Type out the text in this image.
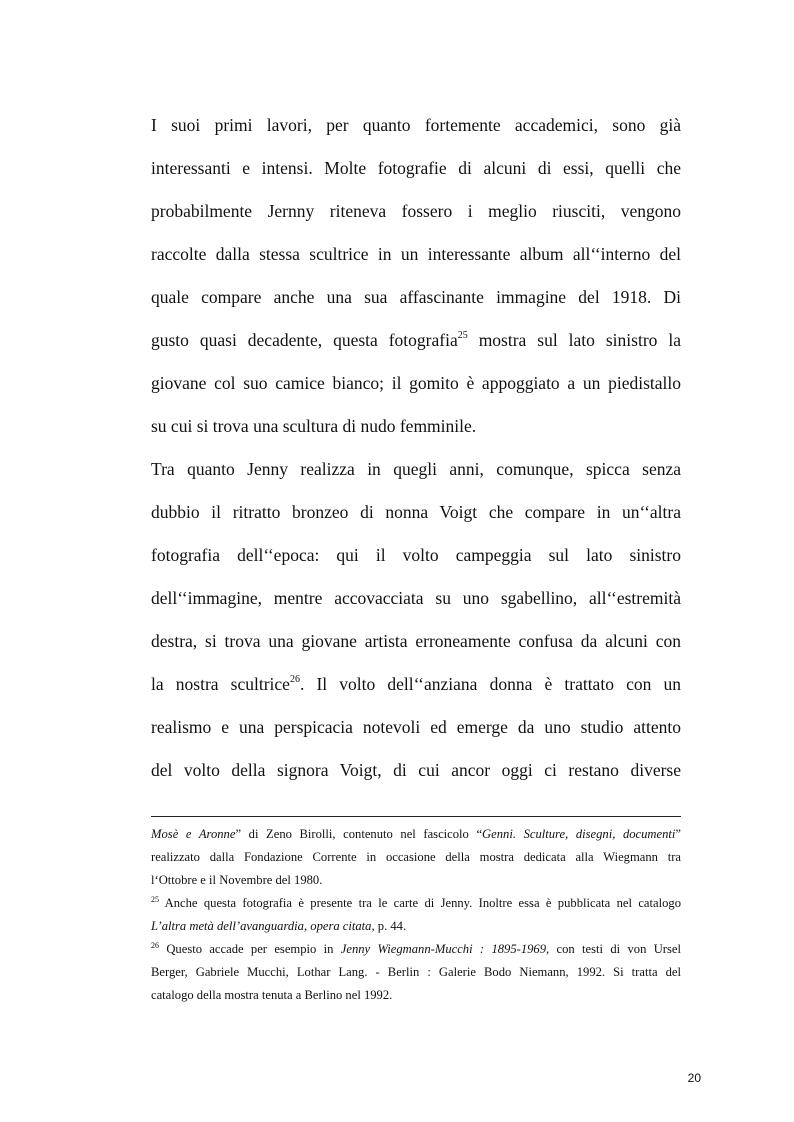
I suoi primi lavori, per quanto fortemente accademici, sono già
interessanti e intensi. Molte fotografie di alcuni di essi, quelli che
probabilmente Jernny riteneva fossero i meglio riusciti, vengono
raccolte dalla stessa scultrice in un interessante album all‘‘interno del
quale compare anche una sua affascinante immagine del 1918. Di
gusto quasi decadente, questa fotografia$^{25}$ mostra sul lato sinistro la
giovane col suo camice bianco; il gomito è appoggiato a un piedistallo
su cui si trova una scultura di nudo femminile.
Tra quanto Jenny realizza in quegli anni, comunque, spicca senza
dubbio il ritratto bronzeo di nonna Voigt che compare in un‘‘altra
fotografia dell‘‘epoca: qui il volto campeggia sul lato sinistro
dell‘‘immagine, mentre accovacciata su uno sgabellino, all‘‘estremità
destra, si trova una giovane artista erroneamente confusa da alcuni con
la nostra scultrice$^{26}$. Il volto dell‘‘anziana donna è trattato con un
realismo e una perspicacia notevoli ed emerge da uno studio attento
del volto della signora Voigt, di cui ancor oggi ci restano diverse
Mosè e Aronne” di Zeno Birolli, contenuto nel fascicolo “Genni. Sculture, disegni, documenti”
realizzato dalla Fondazione Corrente in occasione della mostra dedicata alla Wiegmann tra
l‘Ottobre e il Novembre del 1980.
$^{25}$ Anche questa fotografia è presente tra le carte di Jenny. Inoltre essa è pubblicata nel catalogo
L’altra metà dell’avanguardia, opera citata, p. 44.
$^{26}$ Questo accade per esempio in Jenny Wiegmann-Mucchi : 1895-1969, con testi di von Ursel
Berger, Gabriele Mucchi, Lothar Lang. - Berlin : Galerie Bodo Niemann, 1992. Si tratta del
catalogo della mostra tenuta a Berlino nel 1992.
20
